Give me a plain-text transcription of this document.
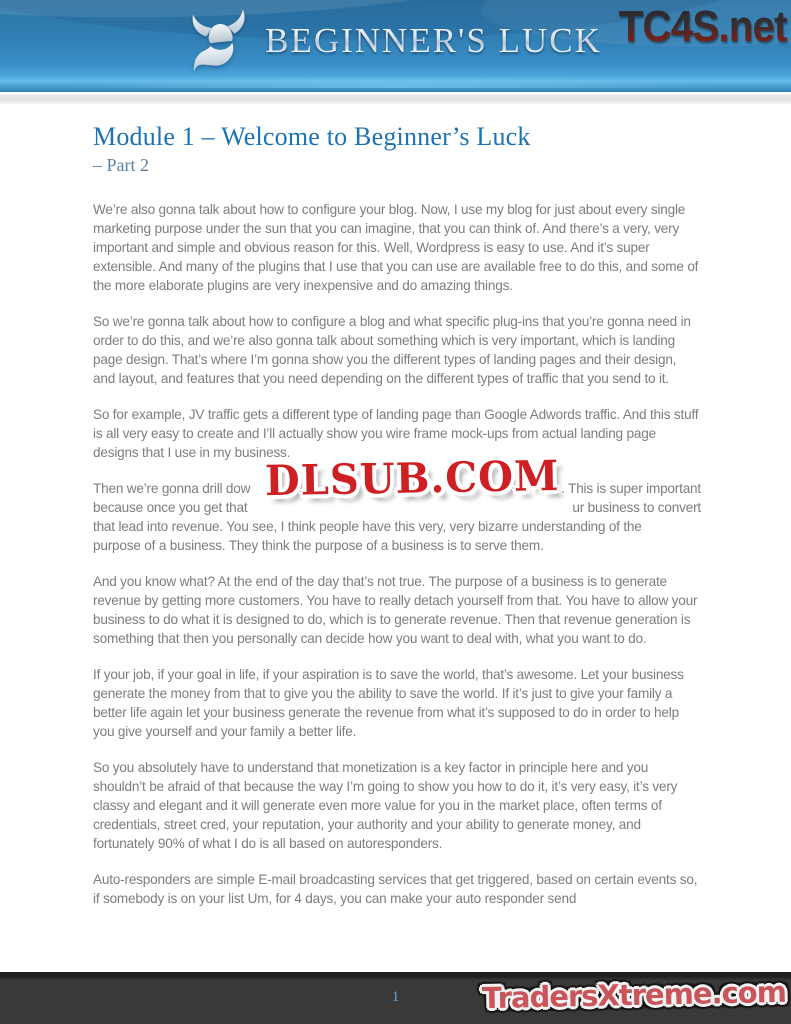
BEGINNER'S LUCK TC4S.net
Module 1 – Welcome to Beginner’s Luck
– Part 2

We’re also gonna talk about how to configure your blog. Now, I use my blog for just about every single marketing purpose under the sun that you can imagine, that you can think of. And there’s a very, very important and simple and obvious reason for this. Well, Wordpress is easy to use. And it’s super extensible. And many of the plugins that I use that you can use are available free to do this, and some of the more elaborate plugins are very inexpensive and do amazing things.

So we’re gonna talk about how to configure a blog and what specific plug-ins that you’re gonna need in order to do this, and we’re also gonna talk about something which is very important, which is landing page design. That’s where I’m gonna show you the different types of landing pages and their design, and layout, and features that you need depending on the different types of traffic that you send to it.

So for example, JV traffic gets a different type of landing page than Google Adwords traffic. And this stuff is all very easy to create and I’ll actually show you wire frame mock-ups from actual landing page designs that I use in my business.

Then we’re gonna drill dow	. This is super important
because once you get that	ur business to convert
that lead into revenue. You see, I think people have this very, very bizarre understanding of the
purpose of a business. They think the purpose of a business is to serve them.
DLSUB.COM

And you know what? At the end of the day that’s not true. The purpose of a business is to generate revenue by getting more customers. You have to really detach yourself from that. You have to allow your business to do what it is designed to do, which is to generate revenue. Then that revenue generation is something that then you personally can decide how you want to deal with, what you want to do.

If your job, if your goal in life, if your aspiration is to save the world, that’s awesome. Let your business generate the money from that to give you the ability to save the world. If it’s just to give your family a better life again let your business generate the revenue from what it’s supposed to do in order to help you give yourself and your family a better life.

So you absolutely have to understand that monetization is a key factor in principle here and you shouldn’t be afraid of that because the way I’m going to show you how to do it, it’s very easy, it’s very classy and elegant and it will generate even more value for you in the market place, often terms of credentials, street cred, your reputation, your authority and your ability to generate money, and fortunately 90% of what I do is all based on autoresponders.

Auto-responders are simple E-mail broadcasting services that get triggered, based on certain events so, if somebody is on your list Um, for 4 days, you can make your auto responder send

1	TradersXtreme.com
